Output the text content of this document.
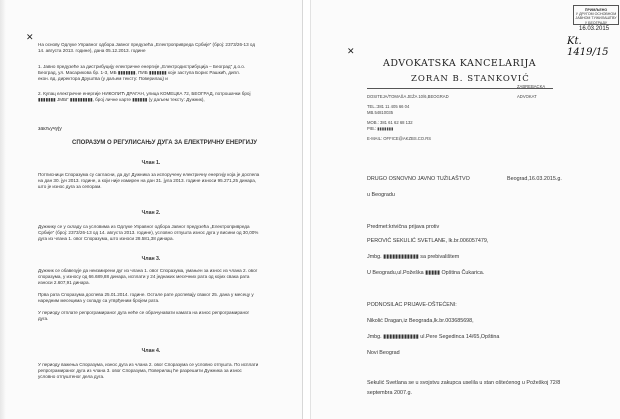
✕
На основу Одлуке Управног одбора Јавног предузећа „Електропривреда Србије" (број: 2373/26-13 од
14. августа 2013. године), дана 05.12.2013. године
1. Јавно предузеће за дистрибуцију електричне енергије „Електродистрибуција – Београд" д.о.о.
Београд, ул. Масарикова бр. 1-3, МБ ▮▮▮▮▮▮▮, ПИБ ▮▮▮▮▮▮▮ које заступа Борис Рашкић, дипл.
екон. вд. директора Друштва (у даљем тексту: Поверилац) и
2. Купац електричне енергије НИКОЛИЋ ДРАГАН, улица КОМЕЦКА 72, БЕОГРАД, потрошачки број
▮▮▮▮▮▮▮ ЈМБГ ▮▮▮▮▮▮▮▮▮, број личне карте ▮▮▮▮▮▮ (у даљем тексту: Дужник),
закључују
СПОРАЗУМ О РЕГУЛИСАЊУ ДУГА ЗА ЕЛЕКТРИЧНУ ЕНЕРГИЈУ
Члан 1.
Потписници Споразума су сагласни, да дуг Дужника за испоручену електричну енергију која је доспела
на дан 30. јун 2013. године, а који није измирен на дан 31. јула 2013. године износи 95.271,25 динара,
што је износ дуга за сепорам.
Члан 2.
Дужнику се у складу са условима из Одлуке Управног одбора Јавног предузећа „Електропривреда
Србије" (број: 2373/26-13 од 14. августа 2013. године), условно отпушта износ дуга у висини од 30,00%
дуга из члана 1. овог Споразума, што износи 28.581,38 динара.
Члан 3.
Дужник се обавезује да неизмирени дуг из члана 1. овог Споразума, умањен за износ из члана 2. овог
споразума, у износу од 66.689,88 динара, исплати у 24 једнаких месечних рата од којих свака рата
износи 2.607,91 динара.
Прва рата Споразума доспева 25.01.2014. године. Остале рате доспевају сваког 25. дана у месецу у
наредним месецима у складу са утврђеним бројем рата.
У периоду отплате репрограмираног дуга неће се обрачунавати камата на износ репрограмираног
дуга.
Члан 4.
У периоду важења Споразума, износ дуга из члана 2. овог Споразума се условно отпушта. По исплати
репрограмираног дуга из члана 3. овог Споразума, Поверилац ће разрешити Дужника за износ
условно отпуштеног дела дуга.
✕
ПРИМЉЕНО
У ДРУГОМ ОСНОВНОМ ЈАВНОМ ТУЖИЛАШТВУ
У БЕОГРАДУ
16.03.2015
Kt. 1419/15
ADVOKATSKA KANCELARIJA
ZORAN B. STANKOVIĆ
DOSITEJA/TOMAŠA JEŽA 10/6,BEOGRAD	ADVOKAT
ZABREBACKA
TEL.:381 11 405 66 04
MB.54810035
MOB.: 381 61 62 68 132
PIB.: ▮▮▮▮▮▮▮
E-MAIL: OFFICE@AKZBS.CO.RS
DRUGO OSNOVNO JAVNO TUŽILAŠTVO	Beograd,16.03.2015.g.
u Beogradu
Predmet:krivična prijava protiv
PEROVIĆ SEKULIĆ SVETLANE, lk.br.006057479,
Jmbg. ▮▮▮▮▮▮▮▮▮▮▮▮ sa prebivalištem
U Beogradu,ul.Požeška ▮▮▮▮▮ Opština Čukarica.
PODNOSILAC PRIJAVE-OŠTEĆENI:
Nikolić Dragan,iz Beograda,lk.br.003685698,
Jmbg. ▮▮▮▮▮▮▮▮▮▮▮▮ ul.Pere Segedinca 14/65,Opština
Novi Beograd
Sekulić Svetlana se u svojstvu zakupca uselila u stan oštećenog u Požeškoj 72/8
septembra 2007.g.
